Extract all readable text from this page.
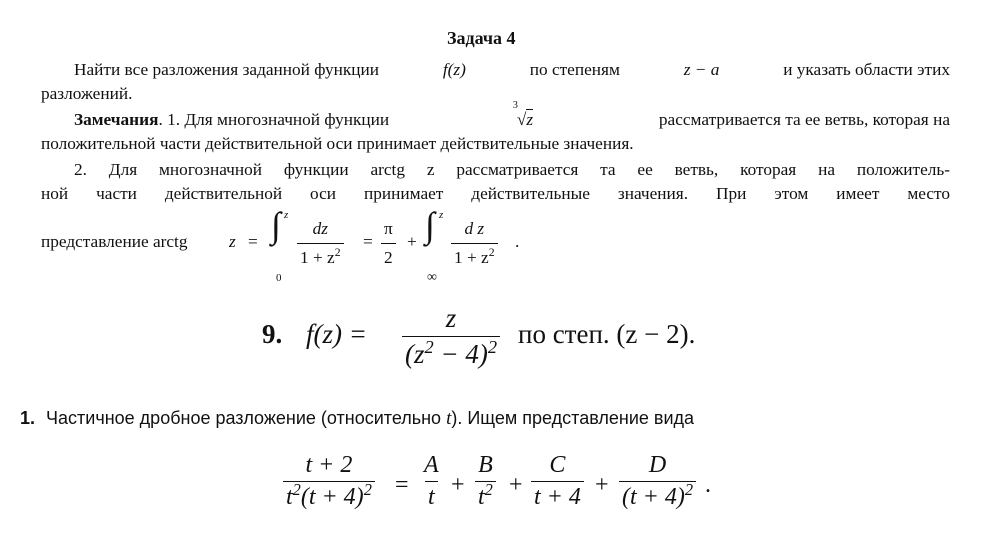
Задача 4
Найти все разложения заданной функции	f(z)	по степеням	z − a	и указать области этих
разложений.
Замечания. 1. Для многозначной функции
3
√z	рассматривается та ее ветвь, которая на
положительной части действительной оси принимает действительные значения.
2. Для многозначной функции arctg z рассматривается та ее ветвь, которая на положитель-
ной части действительной оси принимает действительные значения. При этом имеет место
представление arctg z = ∫ z
0
$\frac{dz}{1 + z^2} = \frac{\pi}{2}$ + ∫ z
∞
$\frac{\text{d z}}{1 + z^2}$ .
9. $f(z) = \frac{z}{(z^2 - 4)^2}$ по степ. (z − 2).
1. Частичное дробное разложение (относительно t). Ищем представление вида
$\frac{t + 2}{t^2(t + 4)^2} = \frac{A}{t} + \frac{B}{t^2} + \frac{C}{t + 4} + \frac{D}{(t + 4)^2}$ .
